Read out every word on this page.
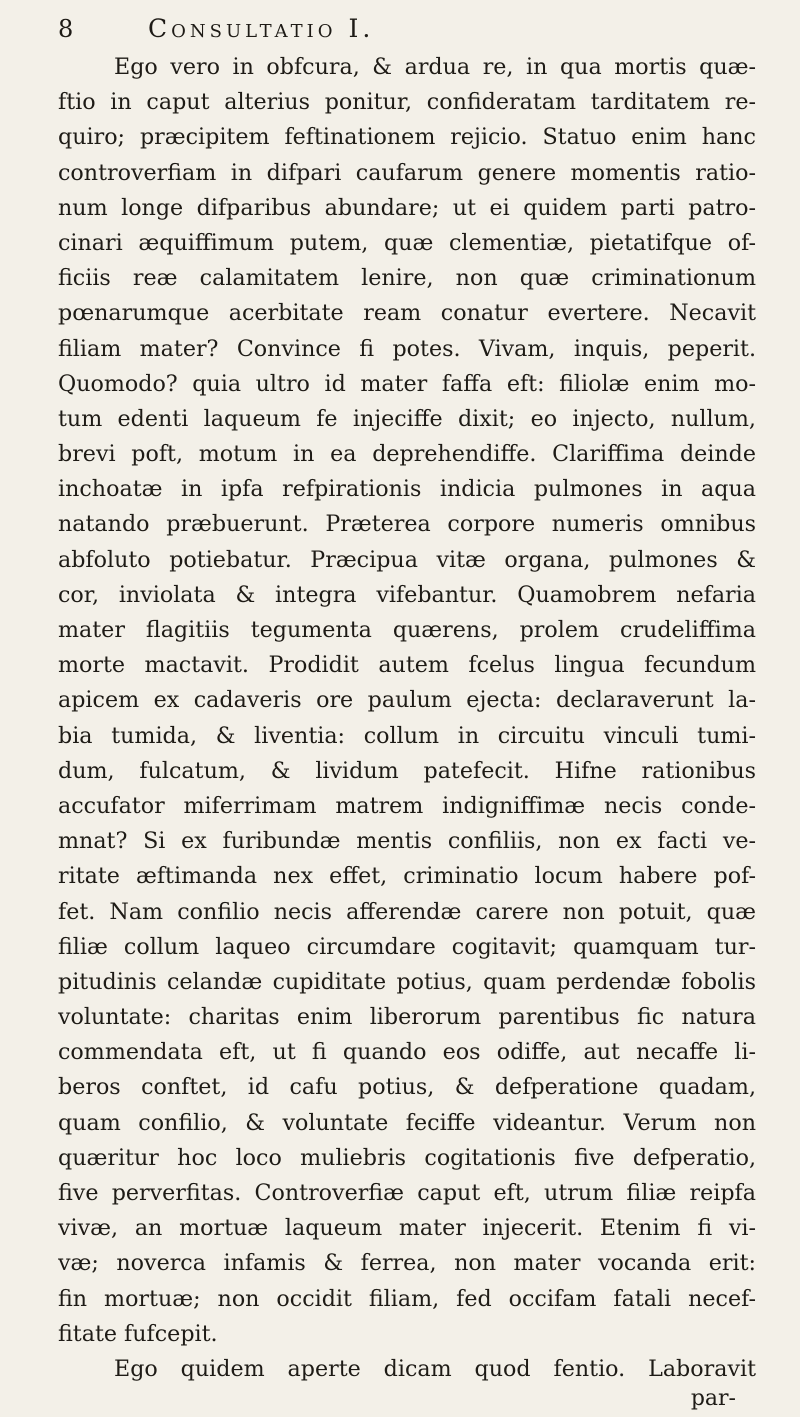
8	Consultatio I.
Ego vero in obfcura, & ardua re, in qua mortis quæ-
ftio in caput alterius ponitur, confideratam tarditatem re-
quiro; præcipitem feftinationem rejicio. Statuo enim hanc
controverfiam in difpari caufarum genere momentis ratio-
num longe difparibus abundare; ut ei quidem parti patro-
cinari æquiffimum putem, quæ clementiæ, pietatifque of-
ficiis reæ calamitatem lenire, non quæ criminationum
pœnarumque acerbitate ream conatur evertere. Necavit
filiam mater? Convince fi potes. Vivam, inquis, peperit.
Quomodo? quia ultro id mater faffa eft: filiolæ enim mo-
tum edenti laqueum fe injeciffe dixit; eo injecto, nullum,
brevi poft, motum in ea deprehendiffe. Clariffima deinde
inchoatæ in ipfa refpirationis indicia pulmones in aqua
natando præbuerunt. Præterea corpore numeris omnibus
abfoluto potiebatur. Præcipua vitæ organa, pulmones &
cor, inviolata & integra vifebantur. Quamobrem nefaria
mater flagitiis tegumenta quærens, prolem crudeliffima
morte mactavit. Prodidit autem fcelus lingua fecundum
apicem ex cadaveris ore paulum ejecta: declaraverunt la-
bia tumida, & liventia: collum in circuitu vinculi tumi-
dum, fulcatum, & lividum patefecit. Hifne rationibus
accufator miferrimam matrem indigniffimæ necis conde-
mnat? Si ex furibundæ mentis confiliis, non ex facti ve-
ritate æftimanda nex effet, criminatio locum habere pof-
fet. Nam confilio necis afferendæ carere non potuit, quæ
filiæ collum laqueo circumdare cogitavit; quamquam tur-
pitudinis celandæ cupiditate potius, quam perdendæ fobolis
voluntate: charitas enim liberorum parentibus fic natura
commendata eft, ut fi quando eos odiffe, aut necaffe li-
beros conftet, id cafu potius, & defperatione quadam,
quam confilio, & voluntate feciffe videantur. Verum non
quæritur hoc loco muliebris cogitationis five defperatio,
five perverfitas. Controverfiæ caput eft, utrum filiæ reipfa
vivæ, an mortuæ laqueum mater injecerit. Etenim fi vi-
væ; noverca infamis & ferrea, non mater vocanda erit:
fin mortuæ; non occidit filiam, fed occifam fatali necef-
fitate fufcepit.
Ego quidem aperte dicam quod fentio. Laboravit
par-
